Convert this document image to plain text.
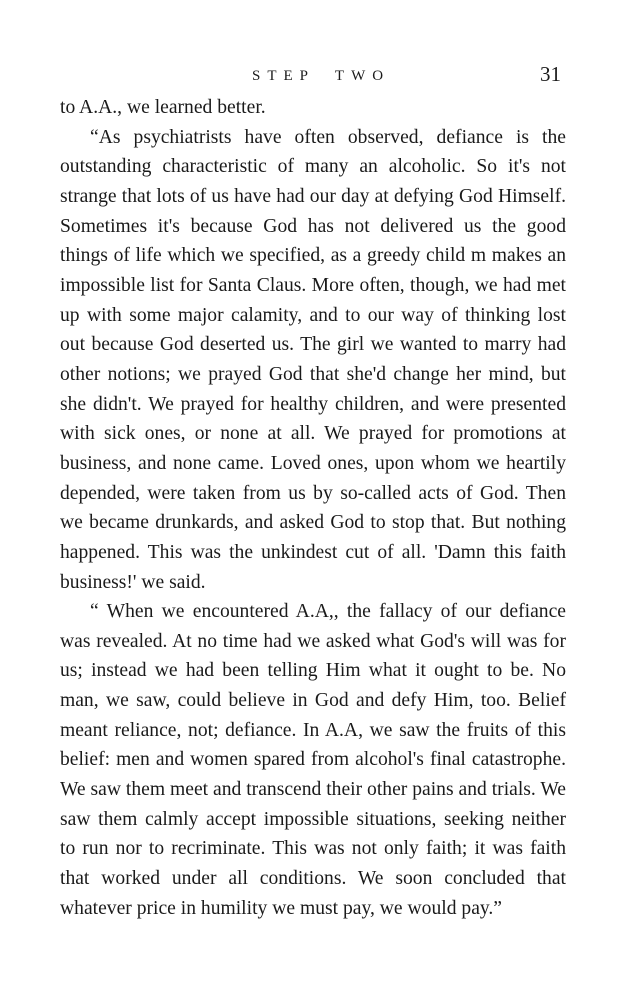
STEP TWO	31

to A.A., we learned better.

“As psychiatrists have often observed, defiance is the outstanding characteristic of many an alcoholic. So it's not strange that lots of us have had our day at defying God Himself. Sometimes it's because God has not delivered us the good things of life which we specified, as a greedy child m makes an impossible list for Santa Claus. More often, though, we had met up with some major calamity, and to our way of thinking lost out because God deserted us. The girl we wanted to marry had other notions; we prayed God that she'd change her mind, but she didn't. We prayed for healthy children, and were presented with sick ones, or none at all. We prayed for promotions at business, and none came. Loved ones, upon whom we heartily depended, were taken from us by so-called acts of God. Then we became drunkards, and asked God to stop that. But nothing happened. This was the unkindest cut of all. 'Damn this faith business!' we said.

“ When we encountered A.A,, the fallacy of our defiance was revealed. At no time had we asked what God's will was for us; instead we had been telling Him what it ought to be. No man, we saw, could believe in God and defy Him, too. Belief meant reliance, not; defiance. In A.A, we saw the fruits of this belief: men and women spared from alcohol's final catastrophe. We saw them meet and transcend their other pains and trials. We saw them calmly accept impossible situations, seeking neither to run nor to recriminate. This was not only faith; it was faith that worked under all conditions. We soon concluded that whatever price in humility we must pay, we would pay.”
